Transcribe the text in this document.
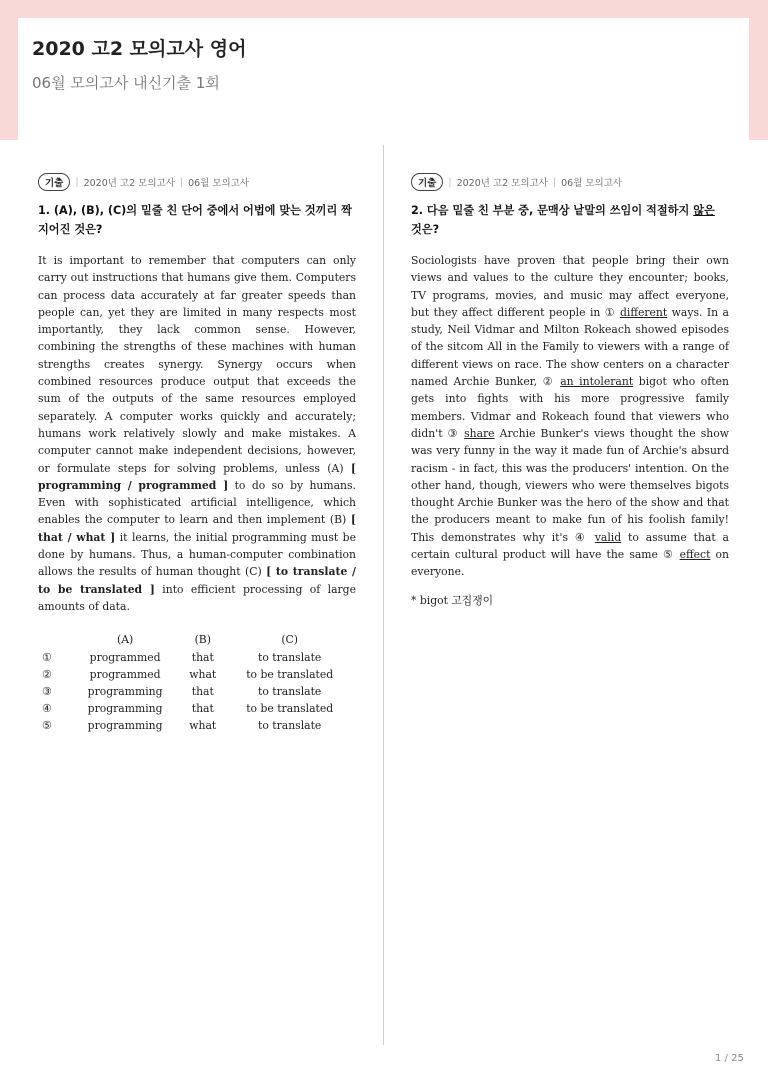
2020 고2 모의고사 영어
06월 모의고사 내신기출 1회
기출	| 2020년 고2 모의고사 | 06월 모의고사
1. (A), (B), (C)의 밑줄 친 단어 중에서 어법에 맞는 것끼리 짝지어진 것은?
It is important to remember that computers can only carry out instructions that humans give them. Computers can process data accurately at far greater speeds than people can, yet they are limited in many respects most importantly, they lack common sense. However, combining the strengths of these machines with human strengths creates synergy. Synergy occurs when combined resources produce output that exceeds the sum of the outputs of the same resources employed separately. A computer works quickly and accurately; humans work relatively slowly and make mistakes. A computer cannot make independent decisions, however, or formulate steps for solving problems, unless (A) [ programming / programmed ] to do so by humans. Even with sophisticated artificial intelligence, which enables the computer to learn and then implement (B) [ that / what ] it learns, the initial programming must be done by humans. Thus, a human-computer combination allows the results of human thought (C) [ to translate / to be translated ] into efficient processing of large amounts of data.
	(A)	(B)	(C)
①	programmed	that	to translate
②	programmed	what	to be translated
③	programming	that	to translate
④	programming	that	to be translated
⑤	programming	what	to translate
기출	| 2020년 고2 모의고사 | 06월 모의고사
2. 다음 밑줄 친 부분 중, 문맥상 낱말의 쓰임이 적절하지 않은 것은?
Sociologists have proven that people bring their own views and values to the culture they encounter; books, TV programs, movies, and music may affect everyone, but they affect different people in ① different ways. In a study, Neil Vidmar and Milton Rokeach showed episodes of the sitcom All in the Family to viewers with a range of different views on race. The show centers on a character named Archie Bunker, ② an intolerant bigot who often gets into fights with his more progressive family members. Vidmar and Rokeach found that viewers who didn't ③ share Archie Bunker's views thought the show was very funny in the way it made fun of Archie's absurd racism - in fact, this was the producers' intention. On the other hand, though, viewers who were themselves bigots thought Archie Bunker was the hero of the show and that the producers meant to make fun of his foolish family! This demonstrates why it's ④ valid to assume that a certain cultural product will have the same ⑤ effect on everyone.
* bigot 고집쟁이
1 / 25
